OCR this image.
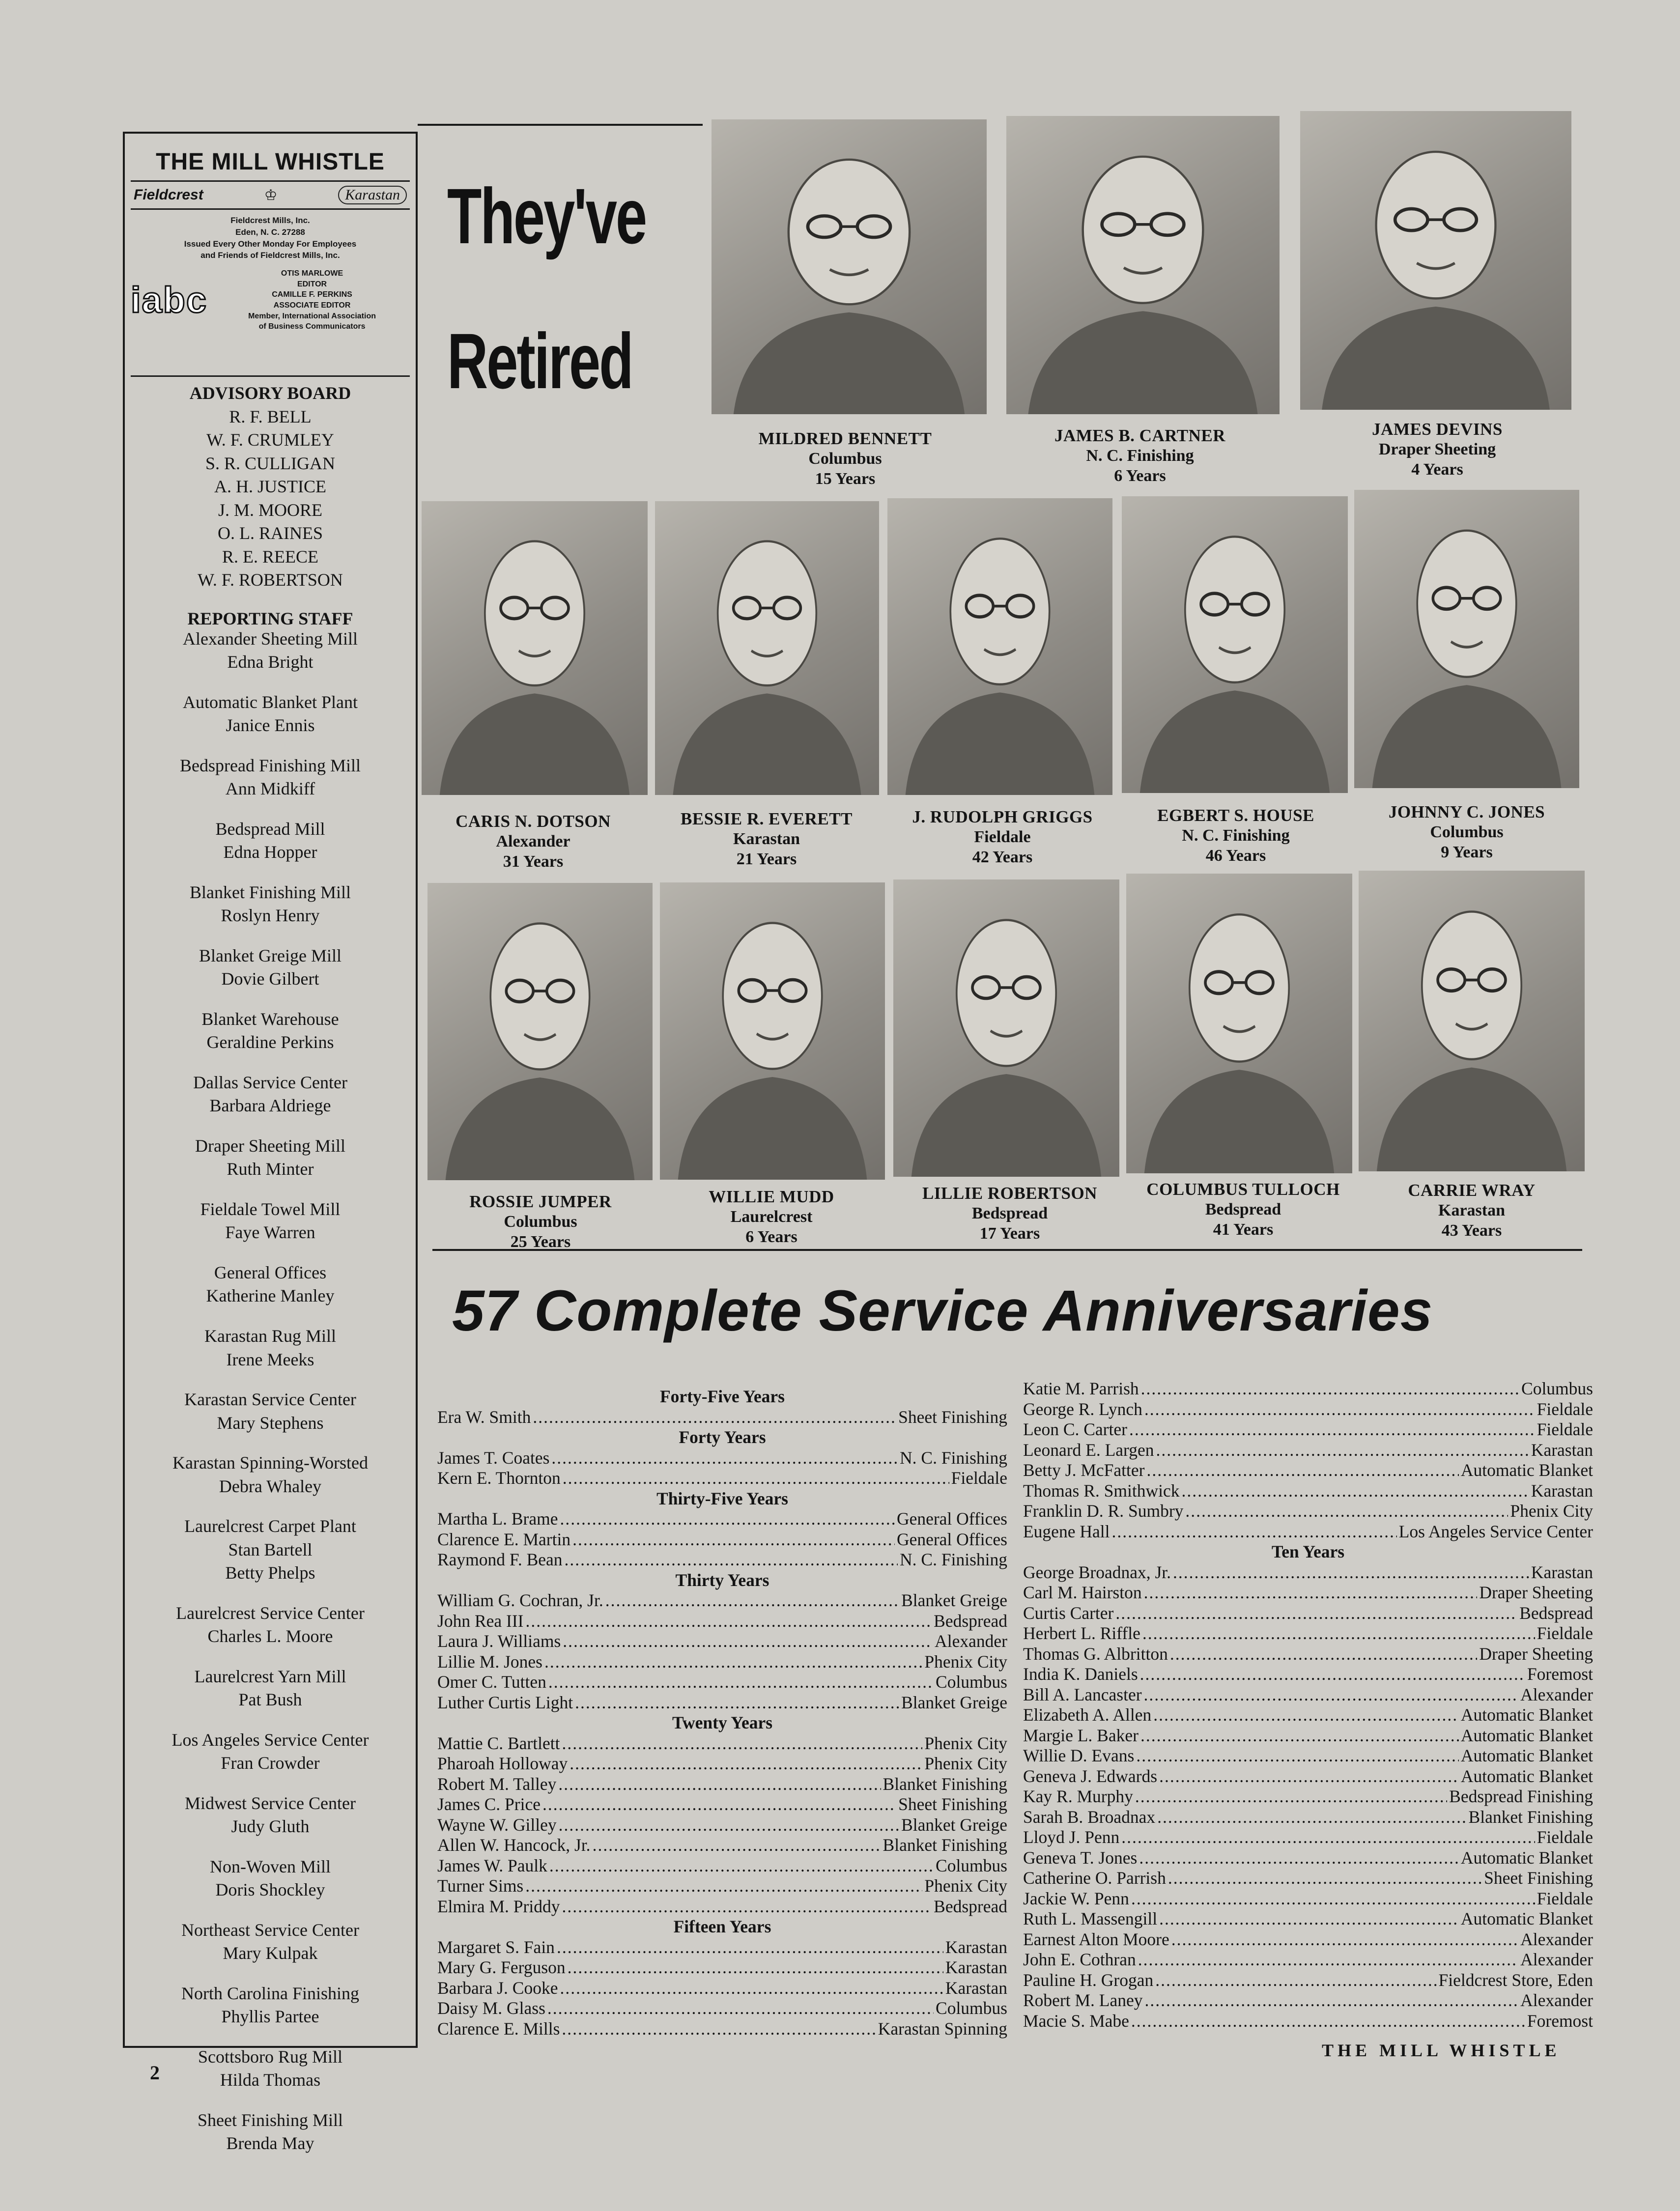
THE MILL WHISTLE
Fieldcrest	♔	Karastan
Fieldcrest Mills, Inc.
Eden, N. C. 27288
Issued Every Other Monday For Employees
and Friends of Fieldcrest Mills, Inc.
iabc
OTIS MARLOWE
EDITOR
CAMILLE F. PERKINS
ASSOCIATE EDITOR
Member, International Association
of Business Communicators
ADVISORY BOARD
R. F. BELL
W. F. CRUMLEY
S. R. CULLIGAN
A. H. JUSTICE
J. M. MOORE
O. L. RAINES
R. E. REECE
W. F. ROBERTSON
REPORTING STAFF
Alexander Sheeting Mill
Edna Bright
Automatic Blanket Plant
Janice Ennis
Bedspread Finishing Mill
Ann Midkiff
Bedspread Mill
Edna Hopper
Blanket Finishing Mill
Roslyn Henry
Blanket Greige Mill
Dovie Gilbert
Blanket Warehouse
Geraldine Perkins
Dallas Service Center
Barbara Aldriege
Draper Sheeting Mill
Ruth Minter
Fieldale Towel Mill
Faye Warren
General Offices
Katherine Manley
Karastan Rug Mill
Irene Meeks
Karastan Service Center
Mary Stephens
Karastan Spinning-Worsted
Debra Whaley
Laurelcrest Carpet Plant
Stan Bartell
Betty Phelps
Laurelcrest Service Center
Charles L. Moore
Laurelcrest Yarn Mill
Pat Bush
Los Angeles Service Center
Fran Crowder
Midwest Service Center
Judy Gluth
Non-Woven Mill
Doris Shockley
Northeast Service Center
Mary Kulpak
North Carolina Finishing
Phyllis Partee
Scottsboro Rug Mill
Hilda Thomas
Sheet Finishing Mill
Brenda May
They've
Retired
MILDRED BENNETT
Columbus
15 Years
JAMES B. CARTNER
N. C. Finishing
6 Years
JAMES DEVINS
Draper Sheeting
4 Years
CARIS N. DOTSON
Alexander
31 Years
BESSIE R. EVERETT
Karastan
21 Years
J. RUDOLPH GRIGGS
Fieldale
42 Years
EGBERT S. HOUSE
N. C. Finishing
46 Years
JOHNNY C. JONES
Columbus
9 Years
ROSSIE JUMPER
Columbus
25 Years
WILLIE MUDD
Laurelcrest
6 Years
LILLIE ROBERTSON
Bedspread
17 Years
COLUMBUS TULLOCH
Bedspread
41 Years
CARRIE WRAY
Karastan
43 Years
57 Complete Service Anniversaries
Forty-Five Years
Era W. Smith .....	Sheet Finishing
Forty Years
James T. Coates .....	N. C. Finishing
Kern E. Thornton .....	Fieldale
Thirty-Five Years
Martha L. Brame .....	General Offices
Clarence E. Martin .....	General Offices
Raymond F. Bean .....	N. C. Finishing
Thirty Years
William G. Cochran, Jr. .....	Blanket Greige
John Rea III .....	Bedspread
Laura J. Williams .....	Alexander
Lillie M. Jones .....	Phenix City
Omer C. Tutten .....	Columbus
Luther Curtis Light .....	Blanket Greige
Twenty Years
Mattie C. Bartlett .....	Phenix City
Pharoah Holloway .....	Phenix City
Robert M. Talley .....	Blanket Finishing
James C. Price .....	Sheet Finishing
Wayne W. Gilley .....	Blanket Greige
Allen W. Hancock, Jr. .....	Blanket Finishing
James W. Paulk .....	Columbus
Turner Sims .....	Phenix City
Elmira M. Priddy .....	Bedspread
Fifteen Years
Margaret S. Fain .....	Karastan
Mary G. Ferguson .....	Karastan
Barbara J. Cooke .....	Karastan
Daisy M. Glass .....	Columbus
Clarence E. Mills .....	Karastan Spinning
Katie M. Parrish .....	Columbus
George R. Lynch .....	Fieldale
Leon C. Carter .....	Fieldale
Leonard E. Largen .....	Karastan
Betty J. McFatter .....	Automatic Blanket
Thomas R. Smithwick .....	Karastan
Franklin D. R. Sumbry .....	Phenix City
Eugene Hall .....	Los Angeles Service Center
Ten Years
George Broadnax, Jr. .....	Karastan
Carl M. Hairston .....	Draper Sheeting
Curtis Carter .....	Bedspread
Herbert L. Riffle .....	Fieldale
Thomas G. Albritton .....	Draper Sheeting
India K. Daniels .....	Foremost
Bill A. Lancaster .....	Alexander
Elizabeth A. Allen .....	Automatic Blanket
Margie L. Baker .....	Automatic Blanket
Willie D. Evans .....	Automatic Blanket
Geneva J. Edwards .....	Automatic Blanket
Kay R. Murphy .....	Bedspread Finishing
Sarah B. Broadnax .....	Blanket Finishing
Lloyd J. Penn .....	Fieldale
Geneva T. Jones .....	Automatic Blanket
Catherine O. Parrish .....	Sheet Finishing
Jackie W. Penn .....	Fieldale
Ruth L. Massengill .....	Automatic Blanket
Earnest Alton Moore .....	Alexander
John E. Cothran .....	Alexander
Pauline H. Grogan .....	Fieldcrest Store, Eden
Robert M. Laney .....	Alexander
Macie S. Mabe .....	Foremost
THE MILL WHISTLE
2
